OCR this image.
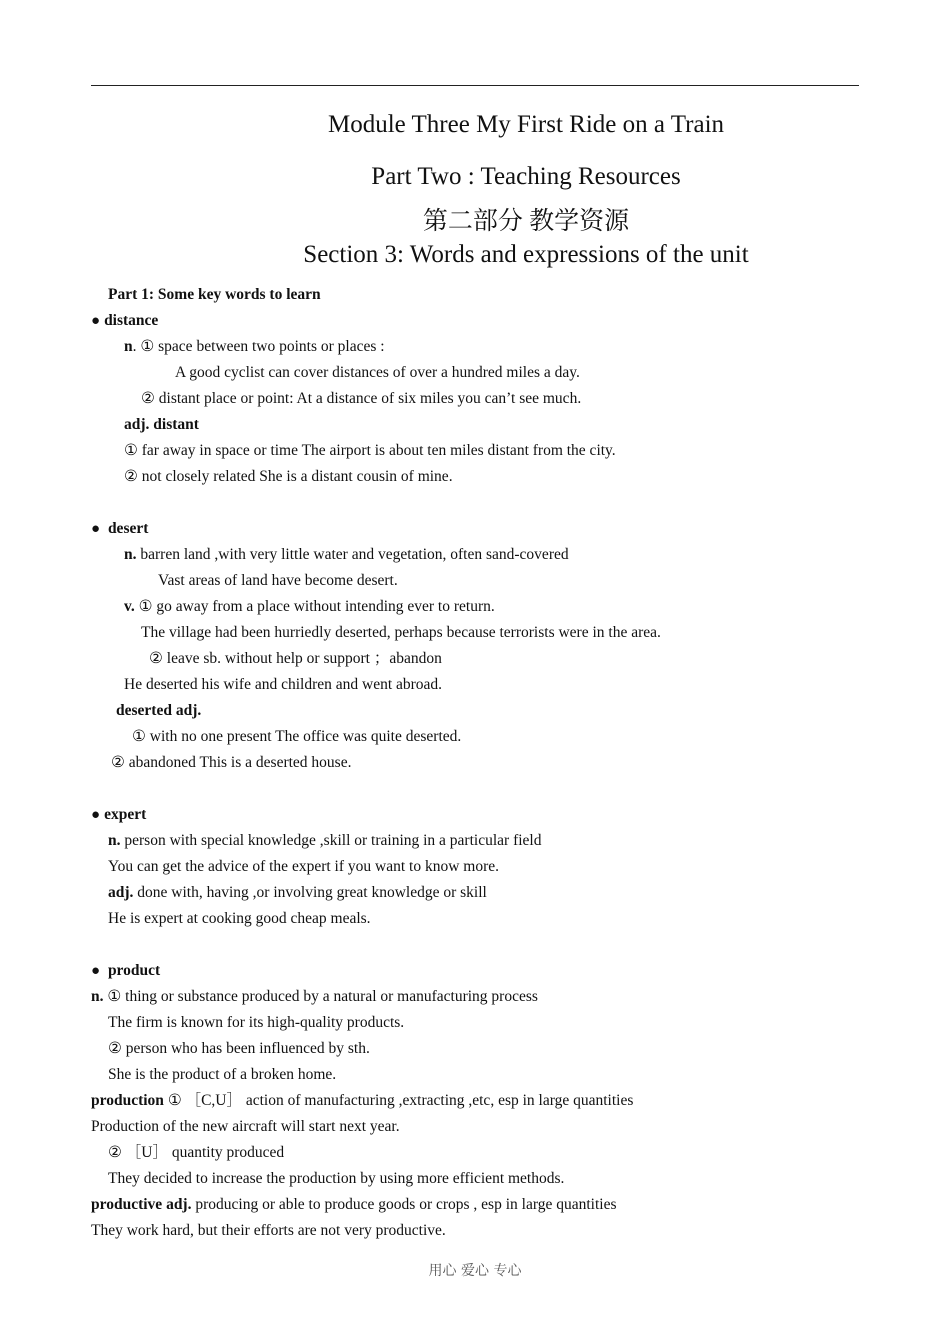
Module Three My First Ride on a Train
Part Two : Teaching Resources
第二部分 教学资源
Section 3: Words and expressions of the unit
Part 1: Some key words to learn
● distance
n. ① space between two points or places :
A good cyclist can cover distances of over a hundred miles a day.
② distant place or point: At a distance of six miles you can’t see much.
adj. distant
① far away in space or time The airport is about ten miles distant from the city.
② not closely related She is a distant cousin of mine.
● desert
n. barren land ,with very little water and vegetation, often sand-covered
Vast areas of land have become desert.
v. ① go away from a place without intending ever to return.
The village had been hurriedly deserted, perhaps because terrorists were in the area.
② leave sb. without help or support ；abandon
He deserted his wife and children and went abroad.
deserted adj.
① with no one present The office was quite deserted.
② abandoned This is a deserted house.
● expert
n. person with special knowledge ,skill or training in a particular field
You can get the advice of the expert if you want to know more.
adj. done with, having ,or involving great knowledge or skill
He is expert at cooking good cheap meals.
● product
n. ① thing or substance produced by a natural or manufacturing process
The firm is known for its high-quality products.
② person who has been influenced by sth.
She is the product of a broken home.
production ① ［C,U］ action of manufacturing ,extracting ,etc, esp in large quantities
Production of the new aircraft will start next year.
② ［U］ quantity produced
They decided to increase the production by using more efficient methods.
productive adj. producing or able to produce goods or crops , esp in large quantities
They work hard, but their efforts are not very productive.
用心 爱心 专心
